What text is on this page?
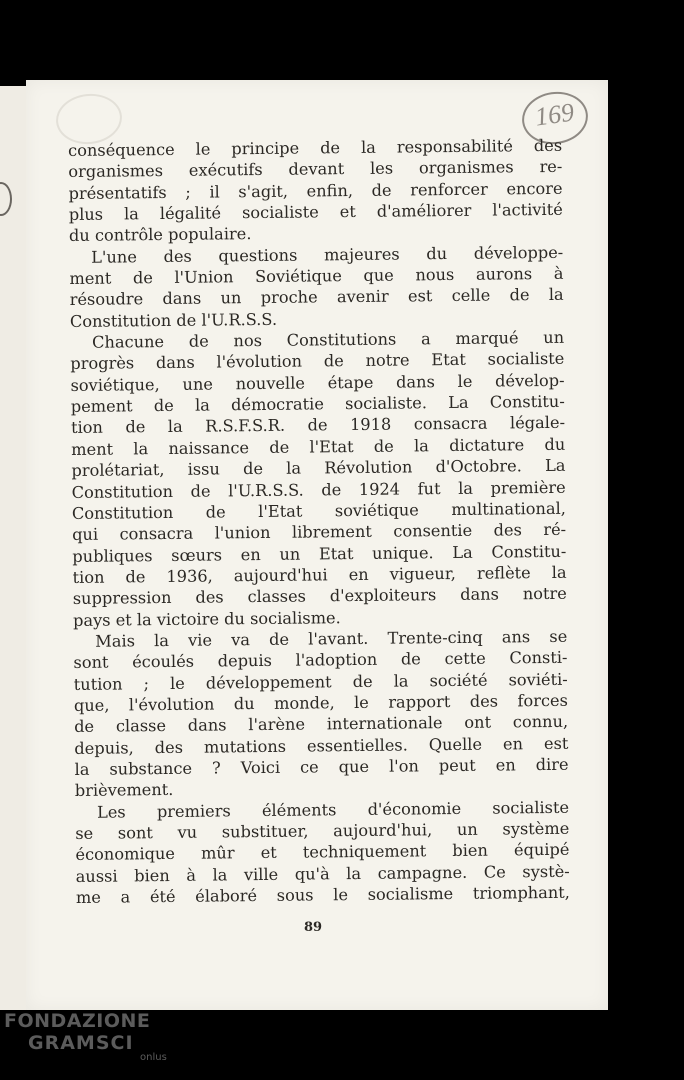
169
conséquence le principe de la responsabilité des
organismes exécutifs devant les organismes re-
présentatifs ; il s'agit, enfin, de renforcer encore
plus la légalité socialiste et d'améliorer l'activité
du contrôle populaire.
L'une des questions majeures du développe-
ment de l'Union Soviétique que nous aurons à
résoudre dans un proche avenir est celle de la
Constitution de l'U.R.S.S.
Chacune de nos Constitutions a marqué un
progrès dans l'évolution de notre Etat socialiste
soviétique, une nouvelle étape dans le dévelop-
pement de la démocratie socialiste. La Constitu-
tion de la R.S.F.S.R. de 1918 consacra légale-
ment la naissance de l'Etat de la dictature du
prolétariat, issu de la Révolution d'Octobre. La
Constitution de l'U.R.S.S. de 1924 fut la première
Constitution de l'Etat soviétique multinational,
qui consacra l'union librement consentie des ré-
publiques sœurs en un Etat unique. La Constitu-
tion de 1936, aujourd'hui en vigueur, reflète la
suppression des classes d'exploiteurs dans notre
pays et la victoire du socialisme.
Mais la vie va de l'avant. Trente-cinq ans se
sont écoulés depuis l'adoption de cette Consti-
tution ; le développement de la société soviéti-
que, l'évolution du monde, le rapport des forces
de classe dans l'arène internationale ont connu,
depuis, des mutations essentielles. Quelle en est
la substance ? Voici ce que l'on peut en dire
brièvement.
Les premiers éléments d'économie socialiste
se sont vu substituer, aujourd'hui, un système
économique mûr et techniquement bien équipé
aussi bien à la ville qu'à la campagne. Ce systè-
me a été élaboré sous le socialisme triomphant,
89
FONDAZIONE
GRAMSCI
onlus
